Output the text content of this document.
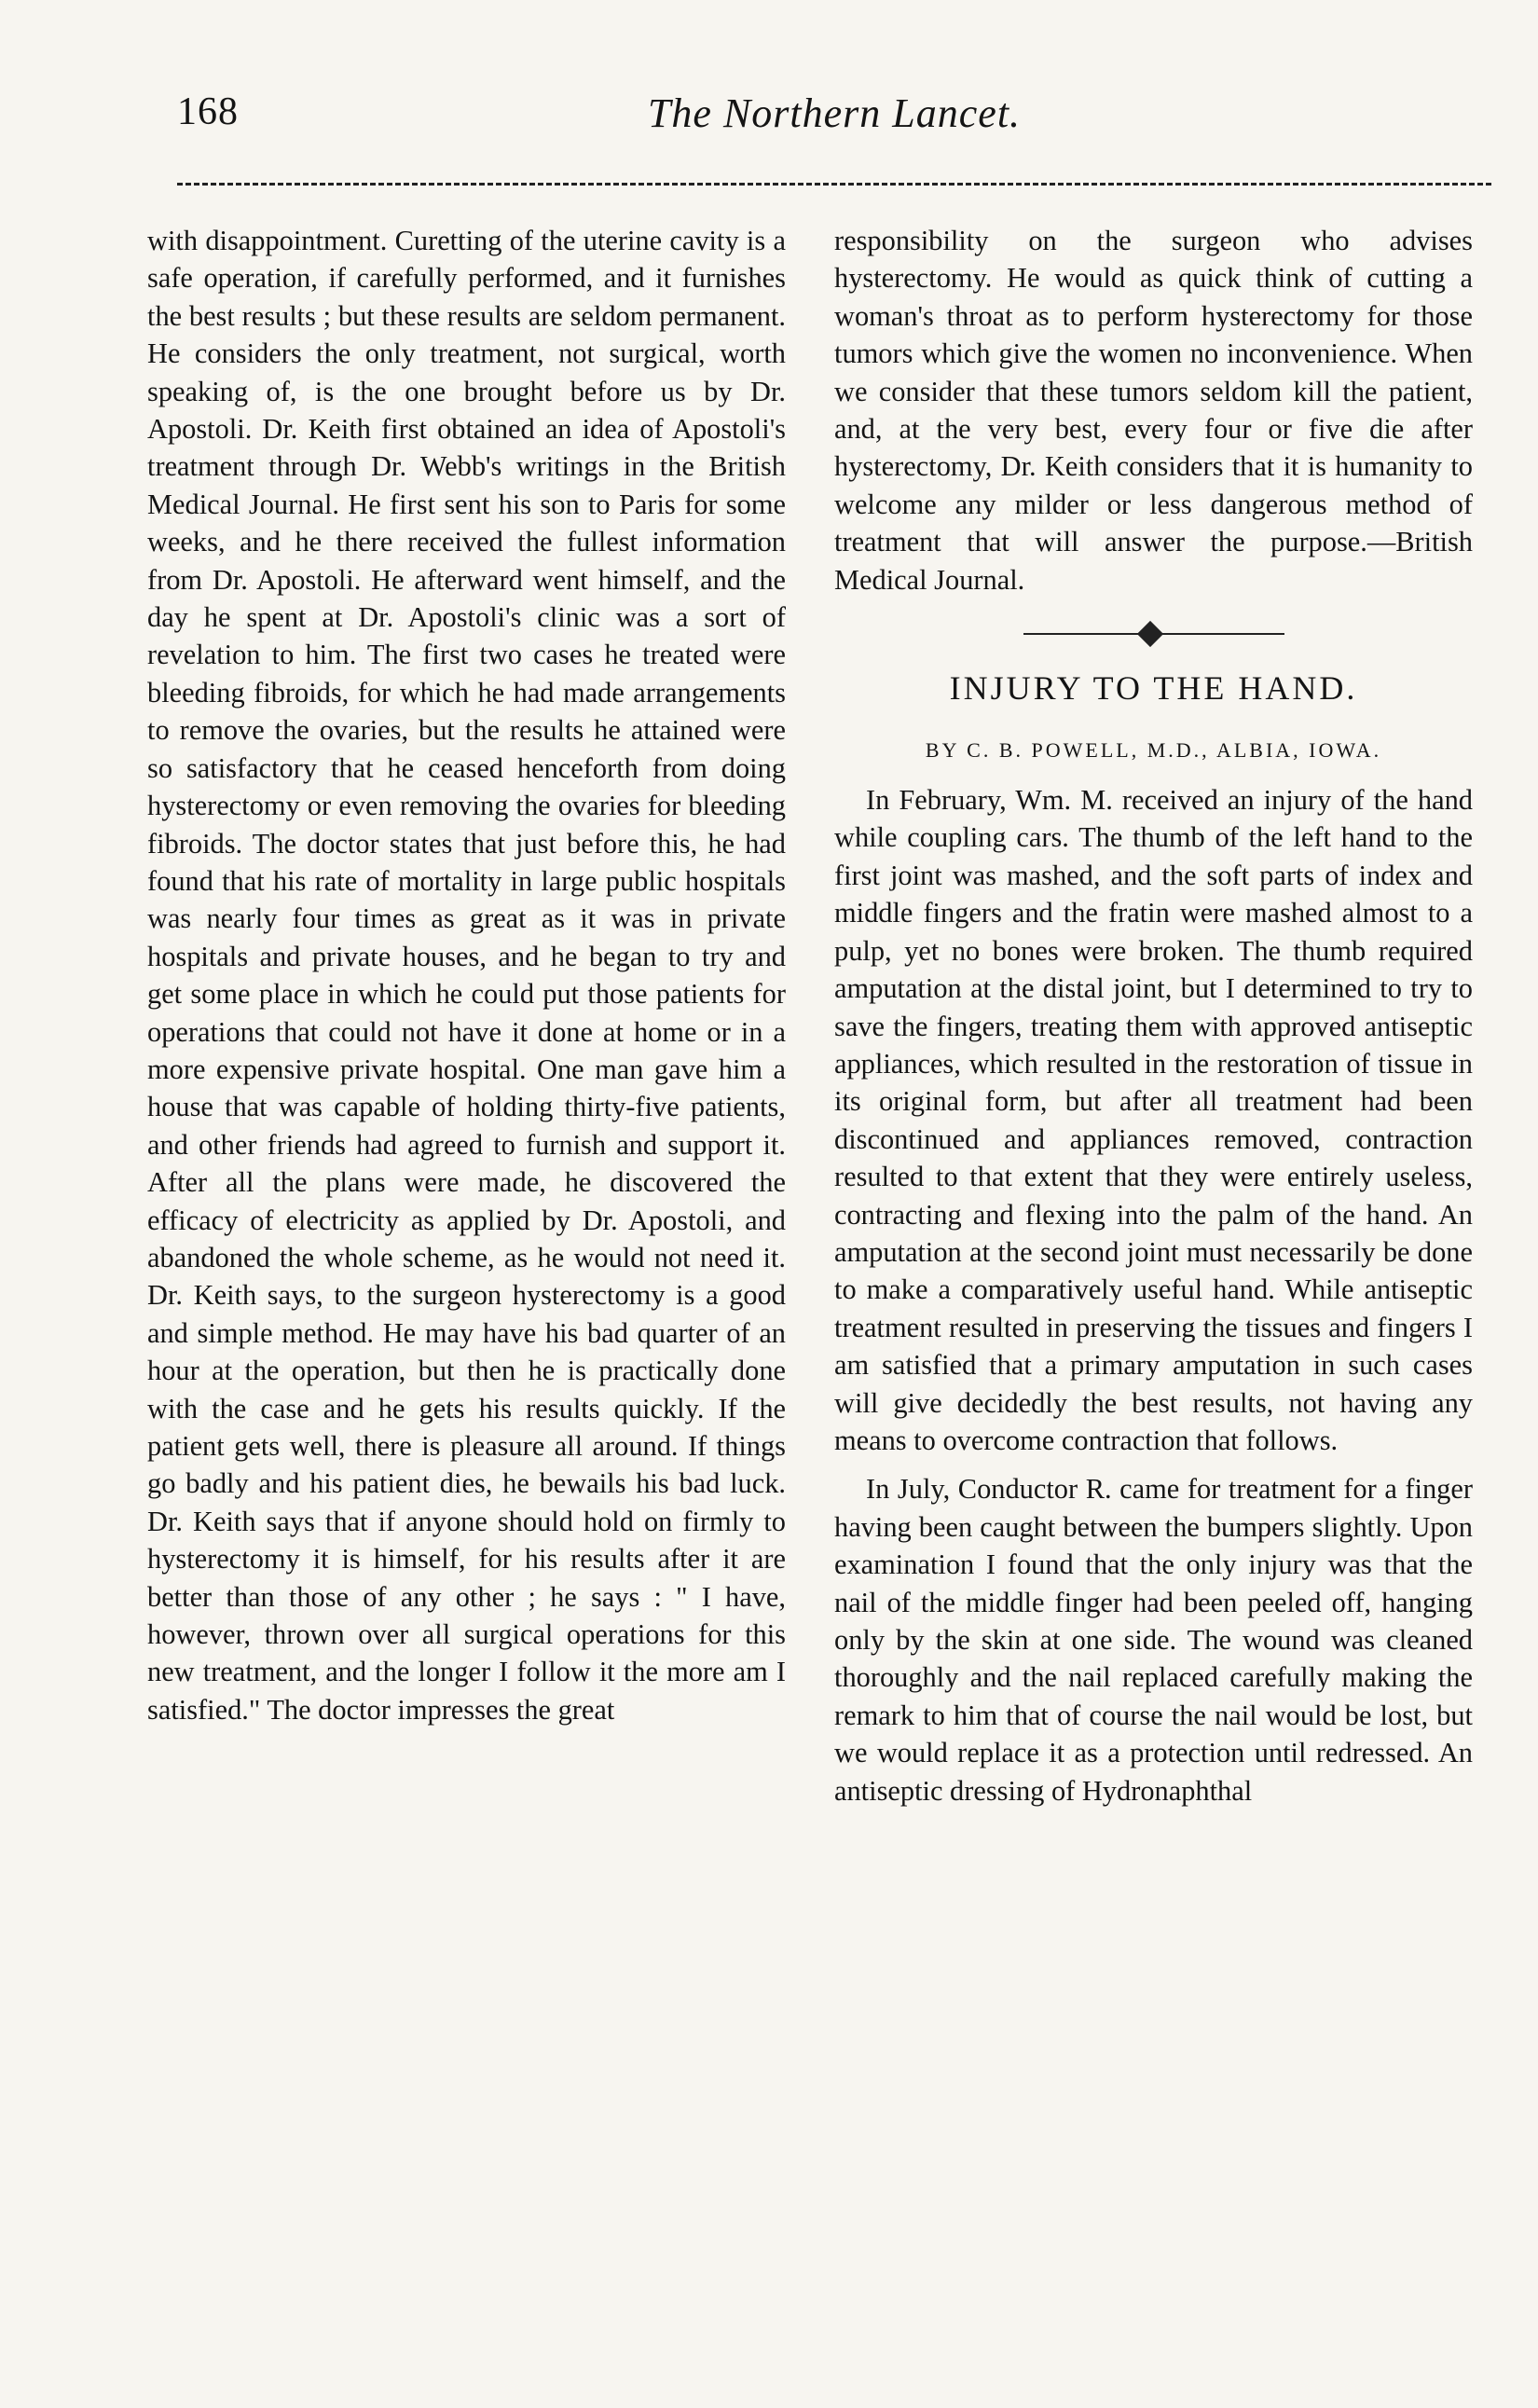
168	The Northern Lancet.

with disappointment. Curetting of the uterine cavity is a safe operation, if carefully performed, and it furnishes the best results ; but these results are seldom permanent. He considers the only treatment, not surgical, worth speaking of, is the one brought before us by Dr. Apostoli. Dr. Keith first obtained an idea of Apostoli's treatment through Dr. Webb's writings in the British Medical Journal. He first sent his son to Paris for some weeks, and he there received the fullest information from Dr. Apostoli. He afterward went himself, and the day he spent at Dr. Apostoli's clinic was a sort of revelation to him. The first two cases he treated were bleeding fibroids, for which he had made arrangements to remove the ovaries, but the results he attained were so satisfactory that he ceased henceforth from doing hysterectomy or even removing the ovaries for bleeding fibroids. The doctor states that just before this, he had found that his rate of mortality in large public hospitals was nearly four times as great as it was in private hospitals and private houses, and he began to try and get some place in which he could put those patients for operations that could not have it done at home or in a more expensive private hospital. One man gave him a house that was capable of holding thirty-five patients, and other friends had agreed to furnish and support it. After all the plans were made, he discovered the efficacy of electricity as applied by Dr. Apostoli, and abandoned the whole scheme, as he would not need it. Dr. Keith says, to the surgeon hysterectomy is a good and simple method. He may have his bad quarter of an hour at the operation, but then he is practically done with the case and he gets his results quickly. If the patient gets well, there is pleasure all around. If things go badly and his patient dies, he bewails his bad luck. Dr. Keith says that if anyone should hold on firmly to hysterectomy it is himself, for his results after it are better than those of any other ; he says : " I have, however, thrown over all surgical operations for this new treatment, and the longer I follow it the more am I satisfied." The doctor impresses the great

responsibility on the surgeon who advises hysterectomy. He would as quick think of cutting a woman's throat as to perform hysterectomy for those tumors which give the women no inconvenience. When we consider that these tumors seldom kill the patient, and, at the very best, every four or five die after hysterectomy, Dr. Keith considers that it is humanity to welcome any milder or less dangerous method of treatment that will answer the purpose.—British Medical Journal.

INJURY TO THE HAND.
BY C. B. POWELL, M.D., ALBIA, IOWA.

In February, Wm. M. received an injury of the hand while coupling cars. The thumb of the left hand to the first joint was mashed, and the soft parts of index and middle fingers and the fratin were mashed almost to a pulp, yet no bones were broken. The thumb required amputation at the distal joint, but I determined to try to save the fingers, treating them with approved antiseptic appliances, which resulted in the restoration of tissue in its original form, but after all treatment had been discontinued and appliances removed, contraction resulted to that extent that they were entirely useless, contracting and flexing into the palm of the hand. An amputation at the second joint must necessarily be done to make a comparatively useful hand. While antiseptic treatment resulted in preserving the tissues and fingers I am satisfied that a primary amputation in such cases will give decidedly the best results, not having any means to overcome contraction that follows.

In July, Conductor R. came for treatment for a finger having been caught between the bumpers slightly. Upon examination I found that the only injury was that the nail of the middle finger had been peeled off, hanging only by the skin at one side. The wound was cleaned thoroughly and the nail replaced carefully making the remark to him that of course the nail would be lost, but we would replace it as a protection until redressed. An antiseptic dressing of Hydronaphthal
